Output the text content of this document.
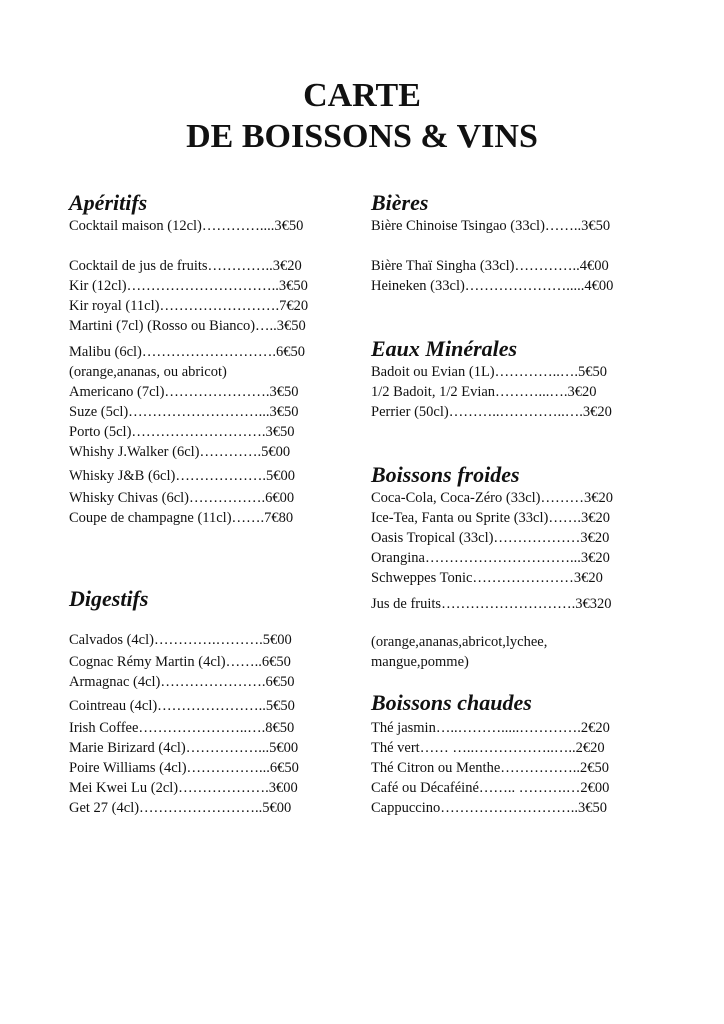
CARTE
DE BOISSONS & VINS
Apéritifs
Cocktail maison (12cl)…………....3€50
Cocktail de jus de fruits…………..3€20
Kir (12cl)…………………………..3€50
Kir royal (11cl)…………………….7€20
Martini (7cl) (Rosso ou Bianco)…..3€50
Malibu (6cl)……………………….6€50
(orange,ananas, ou abricot)
Americano (7cl)………………….3€50
Suze (5cl)………………………...3€50
Porto (5cl)……………………….3€50
Whishy J.Walker (6cl)………….5€00
Whisky J&B (6cl)……………….5€00
Whisky Chivas (6cl)…………….6€00
Coupe de champagne (11cl)…….7€80
Digestifs
Calvados (4cl)………….……….5€00
Cognac Rémy Martin (4cl)……..6€50
Armagnac (4cl)………………….6€50
Cointreau (4cl)…………………..5€50
Irish Coffee…………………..….8€50
Marie Birizard (4cl)……………...5€00
Poire Williams (4cl)……………...6€50
Mei Kwei Lu (2cl)……………….3€00
Get 27 (4cl)……………………..5€00
Bières
Bière Chinoise Tsingao (33cl)……..3€50
Bière Thaï Singha (33cl)…………..4€00
Heineken (33cl)………………….....4€00
Eaux Minérales
Badoit ou Evian (1L)…………..….5€50
1/2 Badoit, 1/2 Evian………...….3€20
Perrier (50cl)………..…………..….3€20
Boissons froides
Coca-Cola, Coca-Zéro (33cl)………3€20
Ice-Tea, Fanta ou Sprite (33cl)…….3€20
Oasis Tropical (33cl)………………3€20
Orangina…………………………...3€20
Schweppes Tonic…………………3€20
Jus de fruits……………………….3€320
(orange,ananas,abricot,lychee,
mangue,pomme)
Boissons chaudes
Thé jasmin…..……….....………….2€20
Thé vert…… …..……………..…..2€20
Thé Citron ou Menthe……………..2€50
Café ou Décaféiné…….. ……….…2€00
Cappuccino………………………..3€50
